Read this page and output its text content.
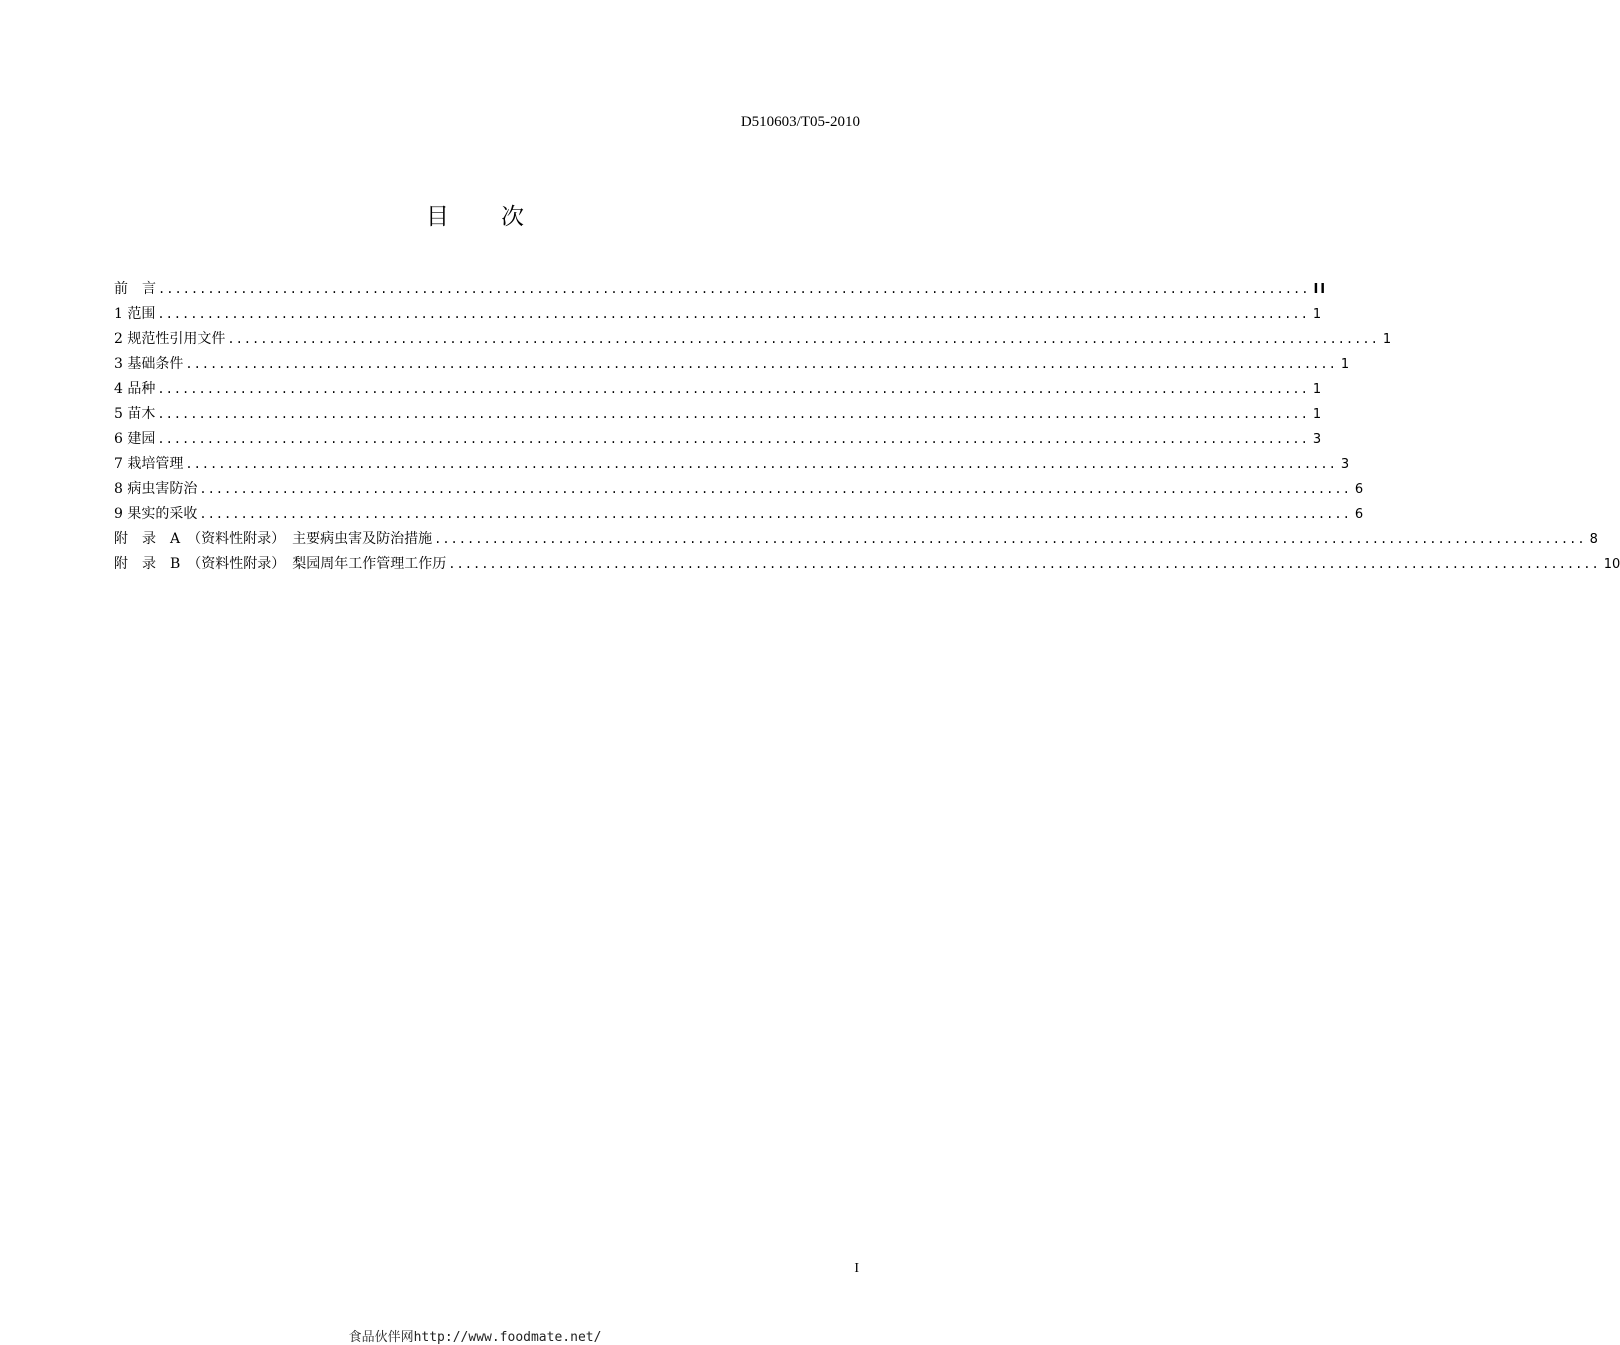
D510603/T05-2010
目 次
前　言 ............................................................................................................................................ II
1 范围 ............................................................................................................................................ 1
2 规范性引用文件 ............................................................................................................................................ 1
3 基础条件 ............................................................................................................................................ 1
4 品种 ............................................................................................................................................ 1
5 苗木 ............................................................................................................................................ 1
6 建园 ............................................................................................................................................ 3
7 栽培管理 ............................................................................................................................................ 3
8 病虫害防治 ............................................................................................................................................ 6
9 果实的采收 ............................................................................................................................................ 6
附　录　A　（资料性附录）　主要病虫害及防治措施 ............................................................................................................................................ 8
附　录　B　（资料性附录）　梨园周年工作管理工作历 ............................................................................................................................................ 10
I
食品伙伴网http://www.foodmate.net/
